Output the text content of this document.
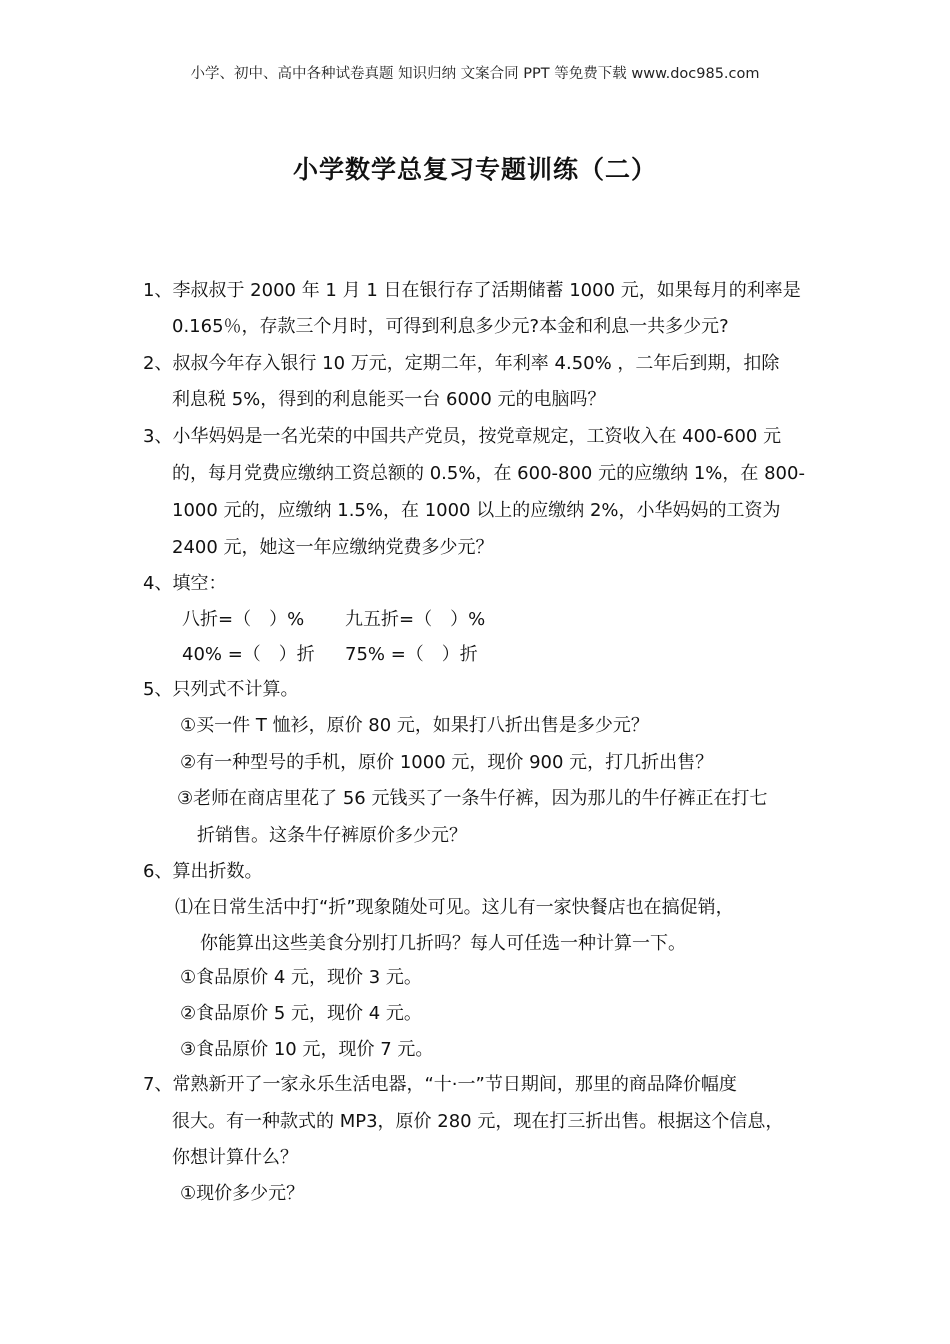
小学、初中、高中各种试卷真题 知识归纳 文案合同 PPT 等免费下载 www.doc985.com
小学数学总复习专题训练（二）
1、李叔叔于 2000 年 1 月 1 日在银行存了活期储蓄 1000 元，如果每月的利率是
0.165％，存款三个月时，可得到利息多少元?本金和利息一共多少元?
2、叔叔今年存入银行 10 万元，定期二年，年利率 4.50% ，二年后到期，扣除
利息税 5%，得到的利息能买一台 6000 元的电脑吗？
3、小华妈妈是一名光荣的中国共产党员，按党章规定，工资收入在 400-600 元
的，每月党费应缴纳工资总额的 0.5%，在 600-800 元的应缴纳 1%，在 800-
1000 元的，应缴纳 1.5%，在 1000 以上的应缴纳 2%，小华妈妈的工资为
2400 元，她这一年应缴纳党费多少元？
4、填空：
八折=（　）% 九五折=（　）%
40% =（　）折 75% =（　）折
5、只列式不计算。
①买一件 T 恤衫，原价 80 元，如果打八折出售是多少元？
②有一种型号的手机，原价 1000 元，现价 900 元，打几折出售？
③老师在商店里花了 56 元钱买了一条牛仔裤，因为那儿的牛仔裤正在打七
折销售。这条牛仔裤原价多少元？
6、算出折数。
⑴在日常生活中打“折”现象随处可见。这儿有一家快餐店也在搞促销，
你能算出这些美食分别打几折吗？每人可任选一种计算一下。
①食品原价 4 元，现价 3 元。
②食品原价 5 元，现价 4 元。
③食品原价 10 元，现价 7 元。
7、常熟新开了一家永乐生活电器，“十·一”节日期间，那里的商品降价幅度
很大。有一种款式的 MP3，原价 280 元，现在打三折出售。根据这个信息，
你想计算什么？
①现价多少元？
